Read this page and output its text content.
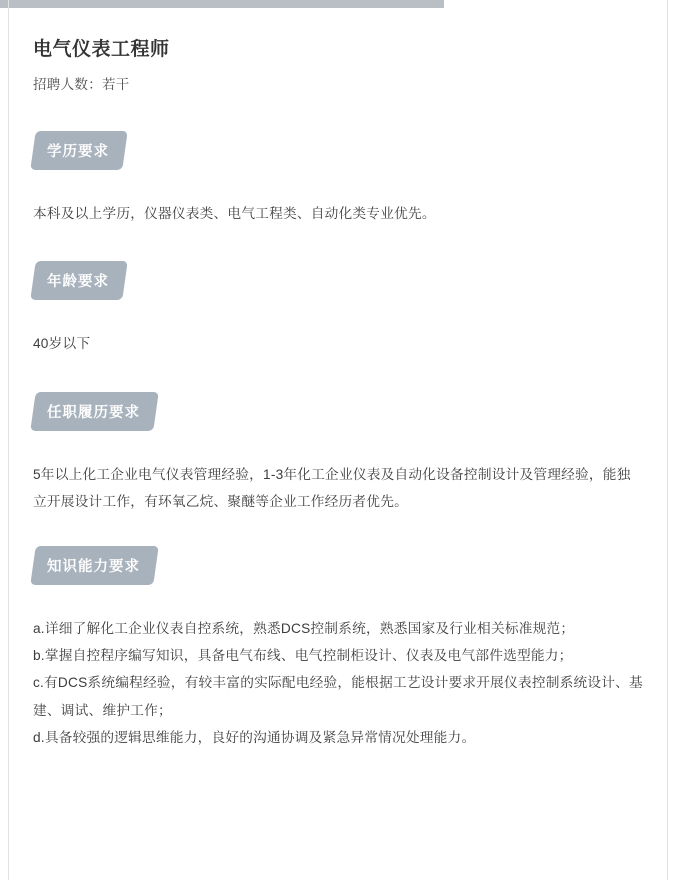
电气仪表工程师
招聘人数：若干
学历要求

本科及以上学历，仪器仪表类、电气工程类、自动化类专业优先。

年龄要求

40岁以下

任职履历要求

5年以上化工企业电气仪表管理经验，1-3年化工企业仪表及自动化设备控制设计及管理经验，能独立开展设计工作，有环氧乙烷、聚醚等企业工作经历者优先。

知识能力要求

a.详细了解化工企业仪表自控系统，熟悉DCS控制系统，熟悉国家及行业相关标准规范；

b.掌握自控程序编写知识，具备电气布线、电气控制柜设计、仪表及电气部件选型能力；

c.有DCS系统编程经验，有较丰富的实际配电经验，能根据工艺设计要求开展仪表控制系统设计、基建、调试、维护工作；

d.具备较强的逻辑思维能力，良好的沟通协调及紧急异常情况处理能力。
